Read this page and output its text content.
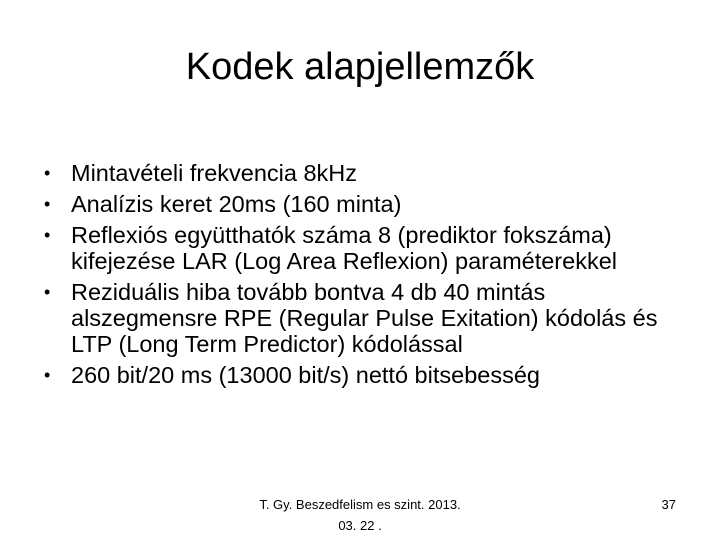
Kodek alapjellemzők
• Mintavételi frekvencia 8kHz
• Analízis keret 20ms (160 minta)
• Reflexiós együtthatók száma 8 (prediktor fokszáma) kifejezése LAR (Log Area Reflexion) paraméterekkel
• Reziduális hiba tovább bontva 4 db 40 mintás alszegmensre RPE (Regular Pulse Exitation) kódolás és LTP (Long Term Predictor) kódolással
• 260 bit/20 ms (13000 bit/s) nettó bitsebesség
T. Gy. Beszedfelism es szint. 2013.
03. 22 .
37
